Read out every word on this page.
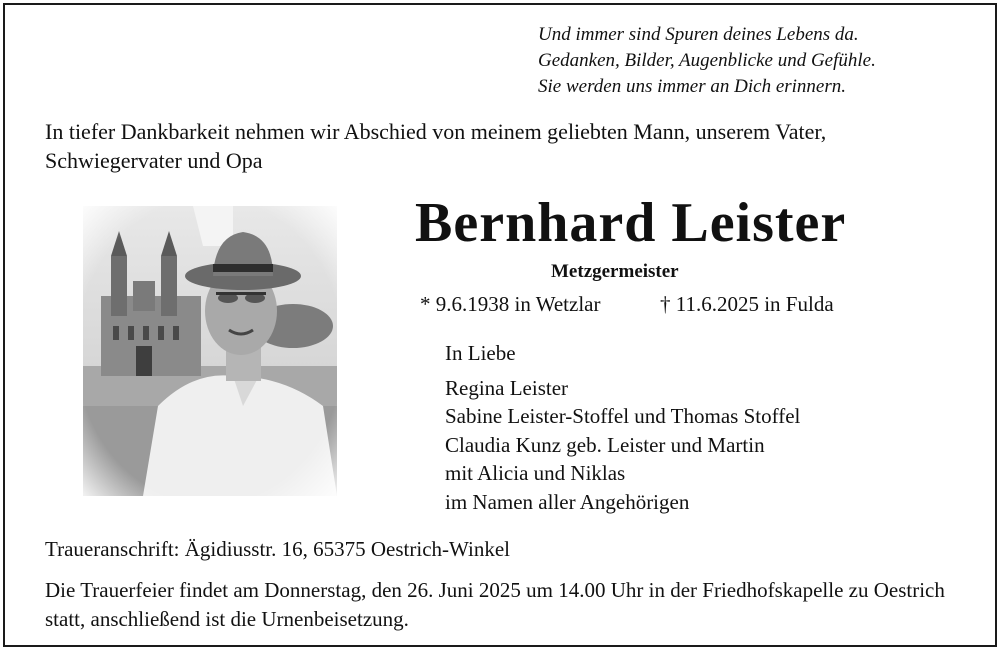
Und immer sind Spuren deines Lebens da.
Gedanken, Bilder, Augenblicke und Gefühle.
Sie werden uns immer an Dich erinnern.
In tiefer Dankbarkeit nehmen wir Abschied von meinem geliebten Mann, unserem Vater, Schwiegervater und Opa
Bernhard Leister
Metzgermeister
* 9.6.1938 in Wetzlar	† 11.6.2025 in Fulda
In Liebe
Regina Leister
Sabine Leister-Stoffel und Thomas Stoffel
Claudia Kunz geb. Leister und Martin
mit Alicia und Niklas
im Namen aller Angehörigen
Traueranschrift: Ägidiusstr. 16, 65375 Oestrich-Winkel
Die Trauerfeier findet am Donnerstag, den 26. Juni 2025 um 14.00 Uhr in der Friedhofskapelle zu Oestrich statt, anschließend ist die Urnenbeisetzung.
